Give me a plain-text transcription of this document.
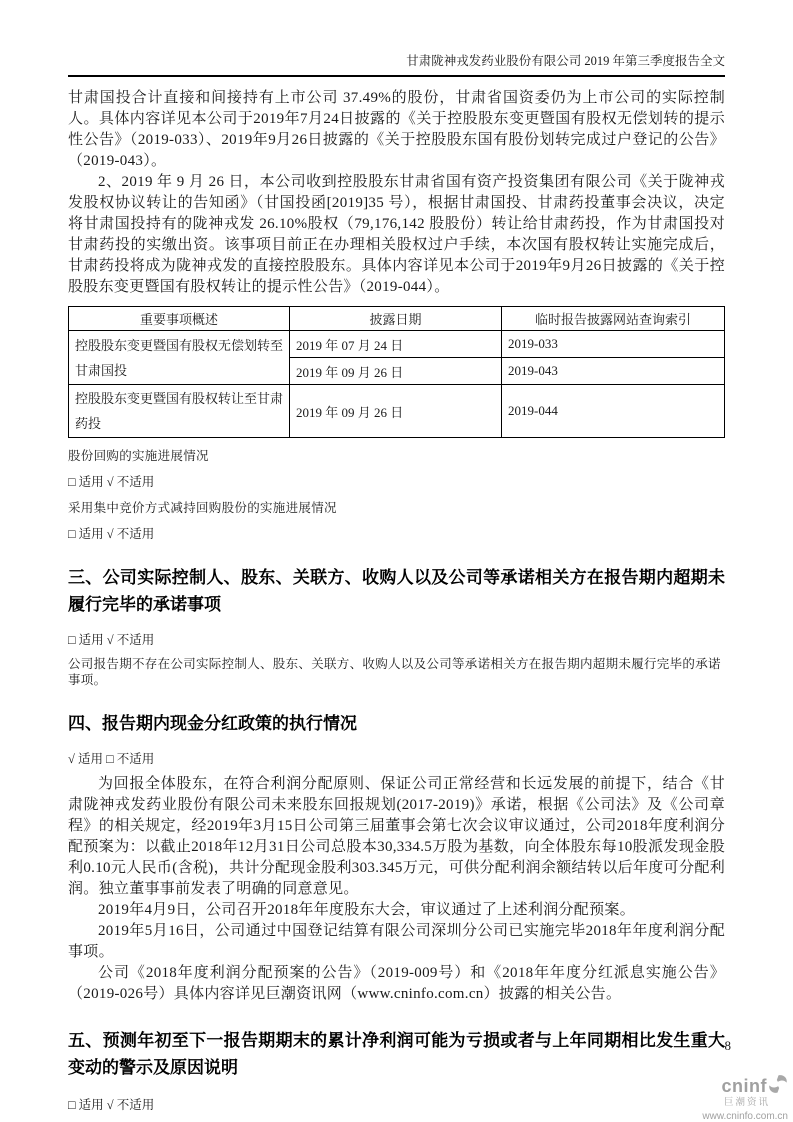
甘肃陇神戎发药业股份有限公司 2019 年第三季度报告全文

甘肃国投合计直接和间接持有上市公司 37.49%的股份，甘肃省国资委仍为上市公司的实际控制人。具体内容详见本公司于2019年7月24日披露的《关于控股股东变更暨国有股权无偿划转的提示性公告》（2019-033）、2019年9月26日披露的《关于控股股东国有股份划转完成过户登记的公告》（2019-043）。

2、2019 年 9 月 26 日，本公司收到控股股东甘肃省国有资产投资集团有限公司《关于陇神戎发股权协议转让的告知函》（甘国投函[2019]35 号），根据甘肃国投、甘肃药投董事会决议，决定将甘肃国投持有的陇神戎发 26.10%股权（79,176,142 股股份）转让给甘肃药投，作为甘肃国投对甘肃药投的实缴出资。该事项目前正在办理相关股权过户手续，本次国有股权转让实施完成后，甘肃药投将成为陇神戎发的直接控股股东。具体内容详见本公司于2019年9月26日披露的《关于控股股东变更暨国有股权转让的提示性公告》（2019-044）。

重要事项概述	披露日期	临时报告披露网站查询索引
控股股东变更暨国有股权无偿划转至甘肃国投	2019 年 07 月 24 日	2019-033
	2019 年 09 月 26 日	2019-043
控股股东变更暨国有股权转让至甘肃药投	2019 年 09 月 26 日	2019-044
股份回购的实施进展情况
□ 适用 √ 不适用
采用集中竞价方式减持回购股份的实施进展情况
□ 适用 √ 不适用
三、公司实际控制人、股东、关联方、收购人以及公司等承诺相关方在报告期内超期未履行完毕的承诺事项
□ 适用 √ 不适用
公司报告期不存在公司实际控制人、股东、关联方、收购人以及公司等承诺相关方在报告期内超期未履行完毕的承诺事项。
四、报告期内现金分红政策的执行情况
√ 适用 □ 不适用

为回报全体股东，在符合利润分配原则、保证公司正常经营和长远发展的前提下，结合《甘肃陇神戎发药业股份有限公司未来股东回报规划(2017-2019)》承诺，根据《公司法》及《公司章程》的相关规定，经2019年3月15日公司第三届董事会第七次会议审议通过，公司2018年度利润分配预案为：以截止2018年12月31日公司总股本30,334.5万股为基数，向全体股东每10股派发现金股利0.10元人民币(含税)，共计分配现金股利303.345万元，可供分配利润余额结转以后年度可分配利润。独立董事事前发表了明确的同意意见。

2019年4月9日，公司召开2018年年度股东大会，审议通过了上述利润分配预案。

2019年5月16日，公司通过中国登记结算有限公司深圳分公司已实施完毕2018年年度利润分配事项。

公司《2018年度利润分配预案的公告》（2019-009号）和《2018年年度分红派息实施公告》（2019-026号）具体内容详见巨潮资讯网（www.cninfo.com.cn）披露的相关公告。

五、预测年初至下一报告期期末的累计净利润可能为亏损或者与上年同期相比发生重大变动的警示及原因说明
□ 适用 √ 不适用
8
cninf
巨潮资讯
www.cninfo.com.cn
